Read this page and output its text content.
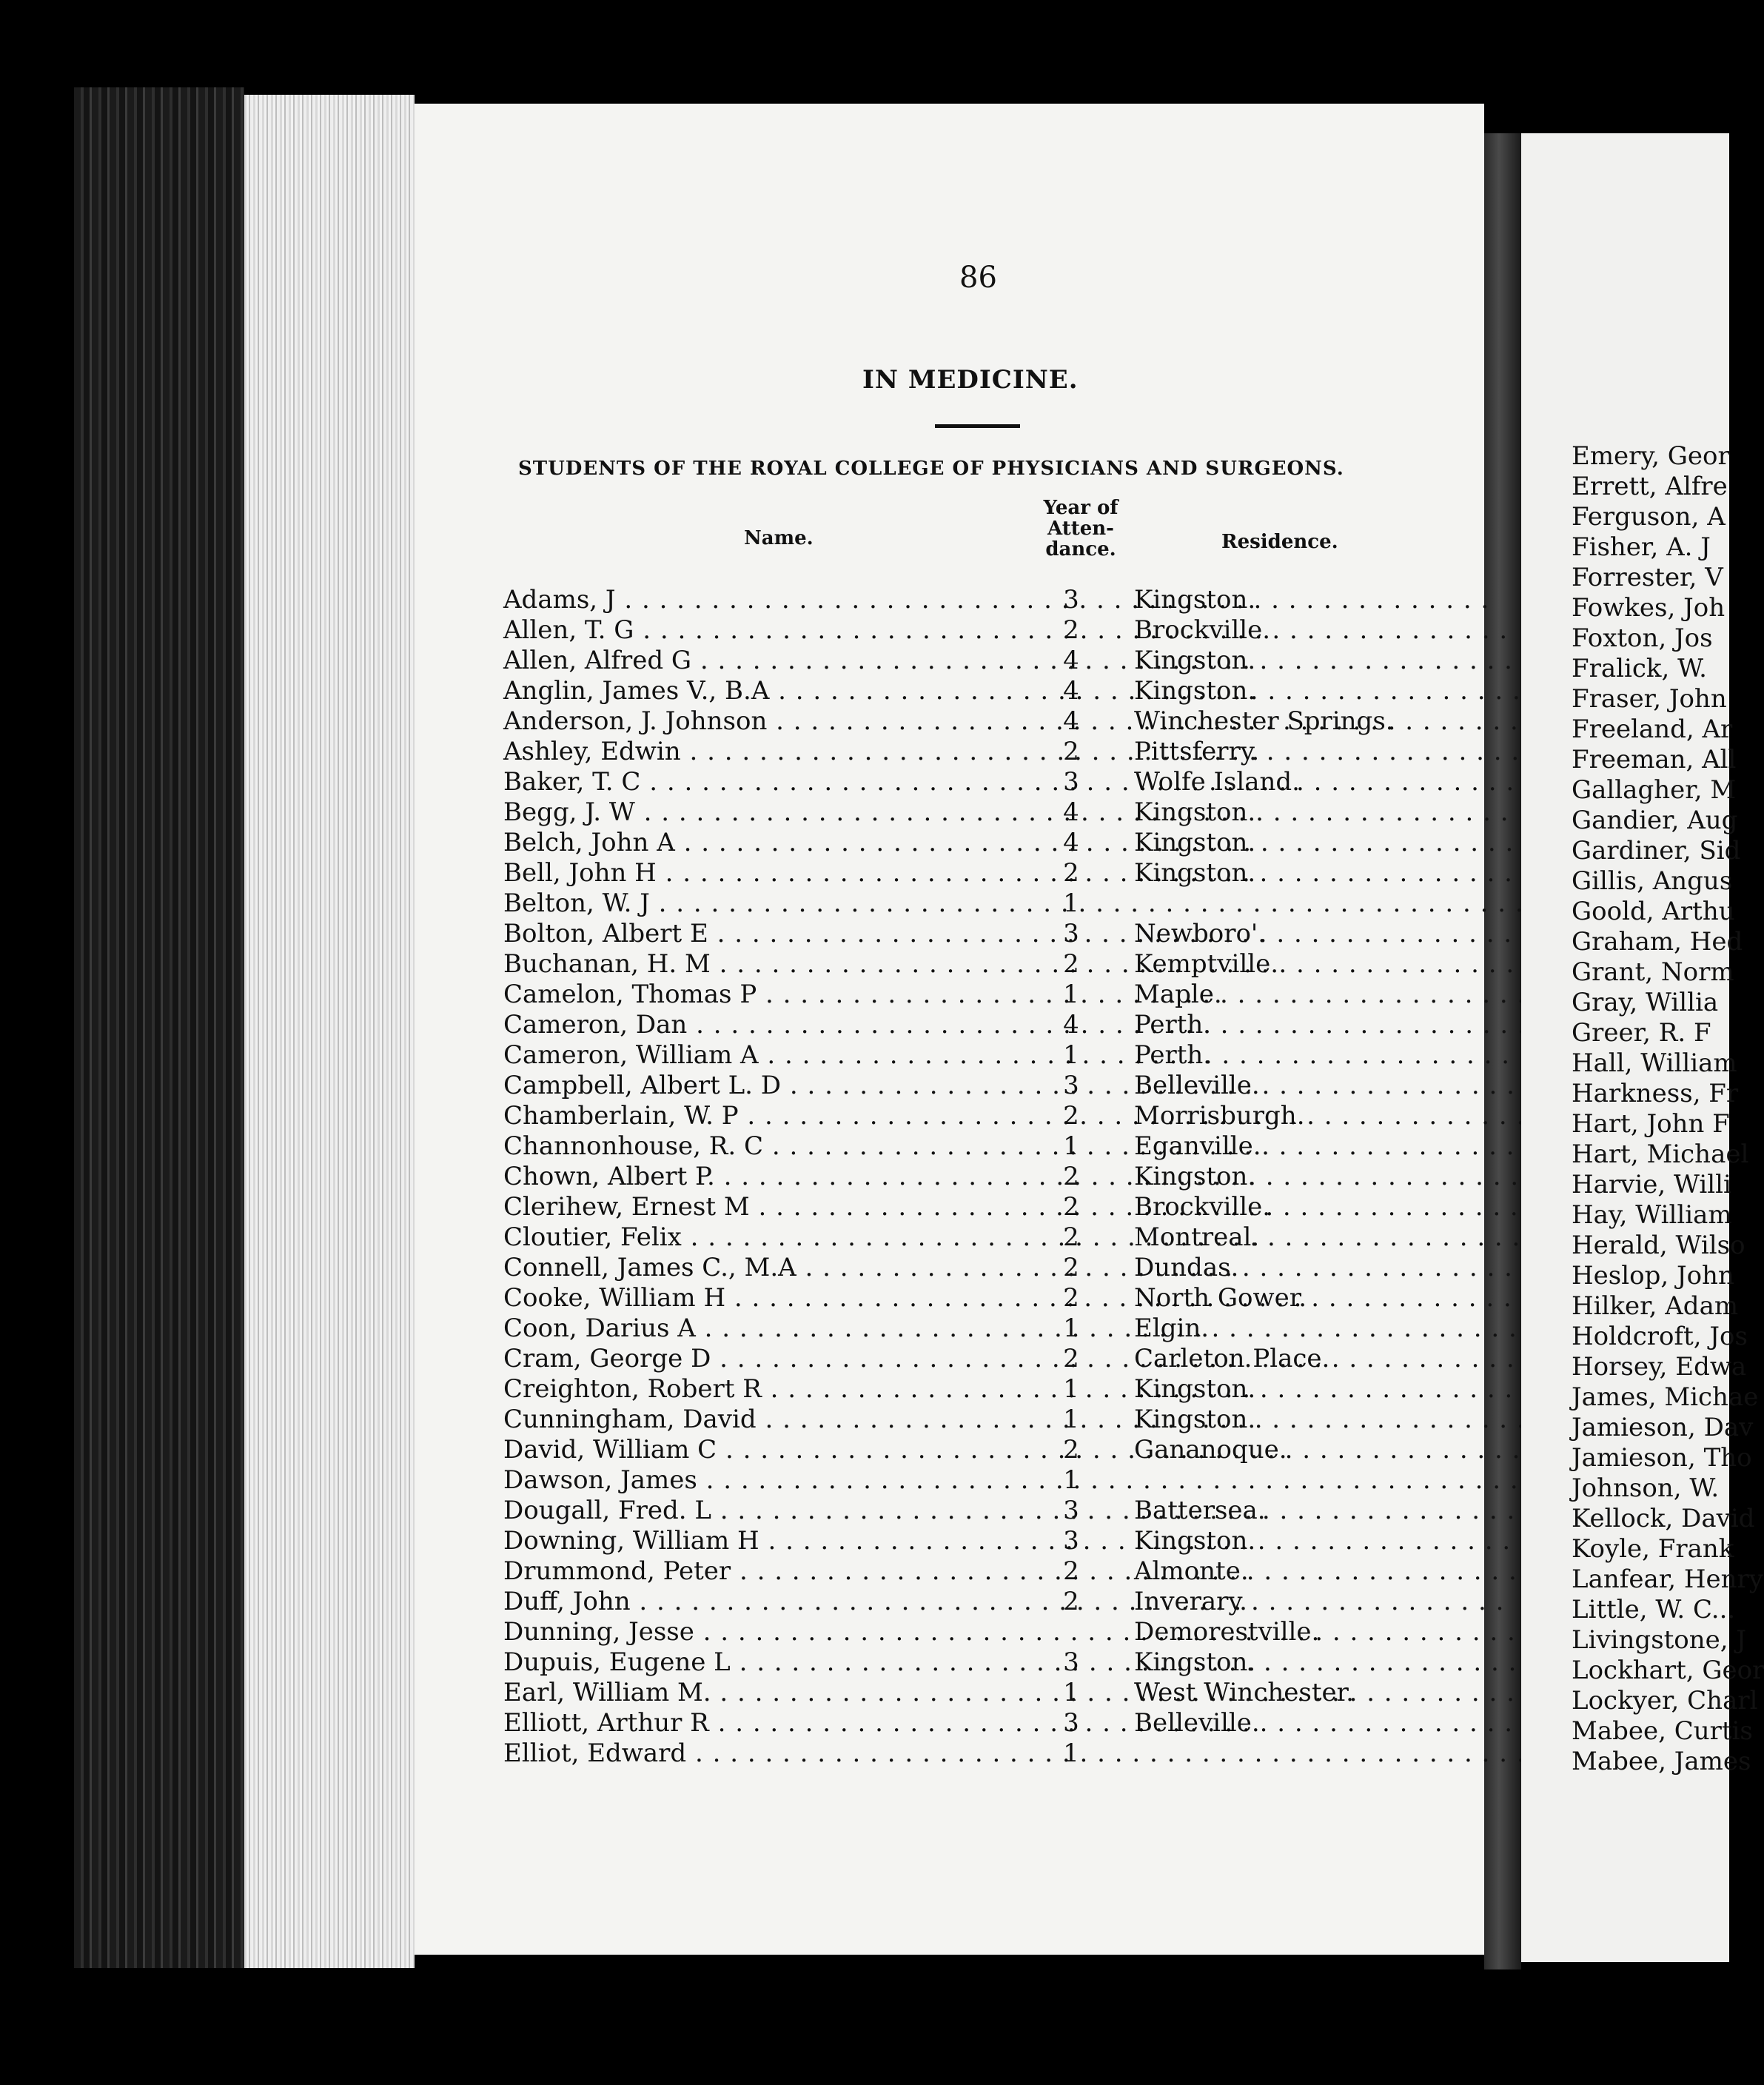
86
IN MEDICINE.
STUDENTS OF THE ROYAL COLLEGE OF PHYSICIANS AND SURGEONS.
Name.
Year of
Atten-
dance.	Residence.
Adams, J . . .	3 Kingston.
Allen, T. G . . .	2 Brockville.
Allen, Alfred G . . .	4 Kingston.
Anglin, James V., B.A . . .	4 Kingston.
Anderson, J. Johnson . . .	4 Winchester Springs.
Ashley, Edwin . . .	2 Pittsferry.
Baker, T. C . . .	3 Wolfe Island.
Begg, J. W . . .	4 Kingston.
Belch, John A . . .	4 Kingston.
Bell, John H . . .	2 Kingston.
Belton, W. J . . .	1
Bolton, Albert E . . .	3 Newboro'.
Buchanan, H. M . . .	2 Kemptville.
Camelon, Thomas P . . .	1 Maple.
Cameron, Dan . . .	4 Perth.
Cameron, William A . . .	1 Perth.
Campbell, Albert L. D . . .	3 Belleville.
Chamberlain, W. P . . .	2 Morrisburgh.
Channonhouse, R. C . . .	1 Eganville.
Chown, Albert P. . . .	2 Kingston.
Clerihew, Ernest M . . .	2 Brockville.
Cloutier, Felix . . .	2 Montreal.
Connell, James C., M.A . . .	2 Dundas.
Cooke, William H . . .	2 North Gower.
Coon, Darius A . . .	1 Elgin.
Cram, George D . . .	2 Carleton Place.
Creighton, Robert R . . .	1 Kingston.
Cunningham, David . . .	1 Kingston.
David, William C . . .	2 Gananoque.
Dawson, James . . .	1
Dougall, Fred. L . . .	3 Battersea.
Downing, William H . . .	3 Kingston.
Drummond, Peter . . .	2 Almonte.
Duff, John . . .	2 Inverary.
Dunning, Jesse . . .	Demorestville.
Dupuis, Eugene L . . .	3 Kingston.
Earl, William M. . . .	1 West Winchester.
Elliott, Arthur R . . .	3 Belleville.
Elliot, Edward . . .	1
Emery, Geor
Errett, Alfre
Ferguson, A
Fisher, A. J
Forrester, V
Fowkes, Joh
Foxton, Jos
Fralick, W.
Fraser, John
Freeland, Ar
Freeman, All
Gallagher, M
Gandier, Aug
Gardiner, Sid
Gillis, Angus
Goold, Arthu
Graham, Hed
Grant, Norm
Gray, Willia
Greer, R. F
Hall, William
Harkness, Fr
Hart, John F
Hart, Michael
Harvie, Willi
Hay, William
Herald, Wilso
Heslop, John
Hilker, Adam
Holdcroft, Jos
Horsey, Edwa
James, Michae
Jamieson, Dav
Jamieson, Tho
Johnson, W.
Kellock, David
Koyle, Frank
Lanfear, Henry
Little, W. C...
Livingstone, J
Lockhart, Geor
Lockyer, Charl
Mabee, Curtis
Mabee, James
